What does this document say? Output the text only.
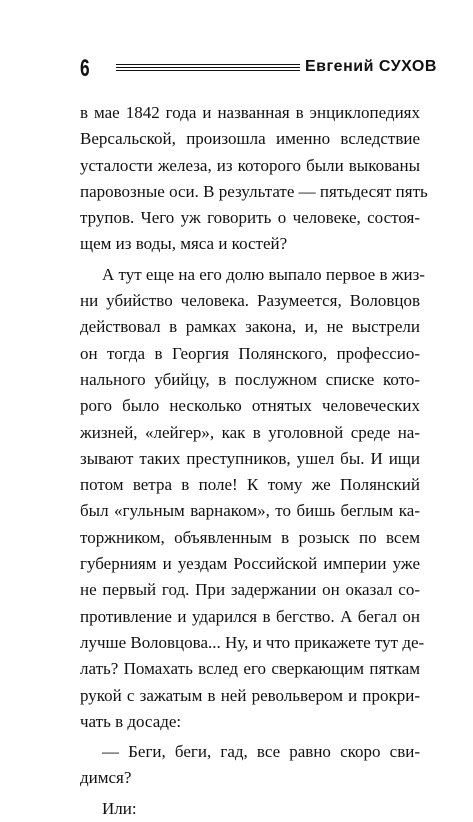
6	Евгений СУХОВ
в мае 1842 года и названная в энциклопедиях
Версальской, произошла именно вследствие
усталости железа, из которого были выкованы
паровозные оси. В результате — пятьдесят пять
трупов. Чего уж говорить о человеке, состоя-
щем из воды, мяса и костей?
А тут еще на его долю выпало первое в жиз-
ни убийство человека. Разумеется, Воловцов
действовал в рамках закона, и, не выстрели
он тогда в Георгия Полянского, профессио-
нального убийцу, в послужном списке кото-
рого было несколько отнятых человеческих
жизней, «лейгер», как в уголовной среде на-
зывают таких преступников, ушел бы. И ищи
потом ветра в поле! К тому же Полянский
был «гульным варнаком», то бишь беглым ка-
торжником, объявленным в розыск по всем
губерниям и уездам Российской империи уже
не первый год. При задержании он оказал со-
противление и ударился в бегство. А бегал он
лучше Воловцова... Ну, и что прикажете тут де-
лать? Помахать вслед его сверкающим пяткам
рукой с зажатым в ней револьвером и прокри-
чать в досаде:
— Беги, беги, гад, все равно скоро сви-
димся?
Или:
